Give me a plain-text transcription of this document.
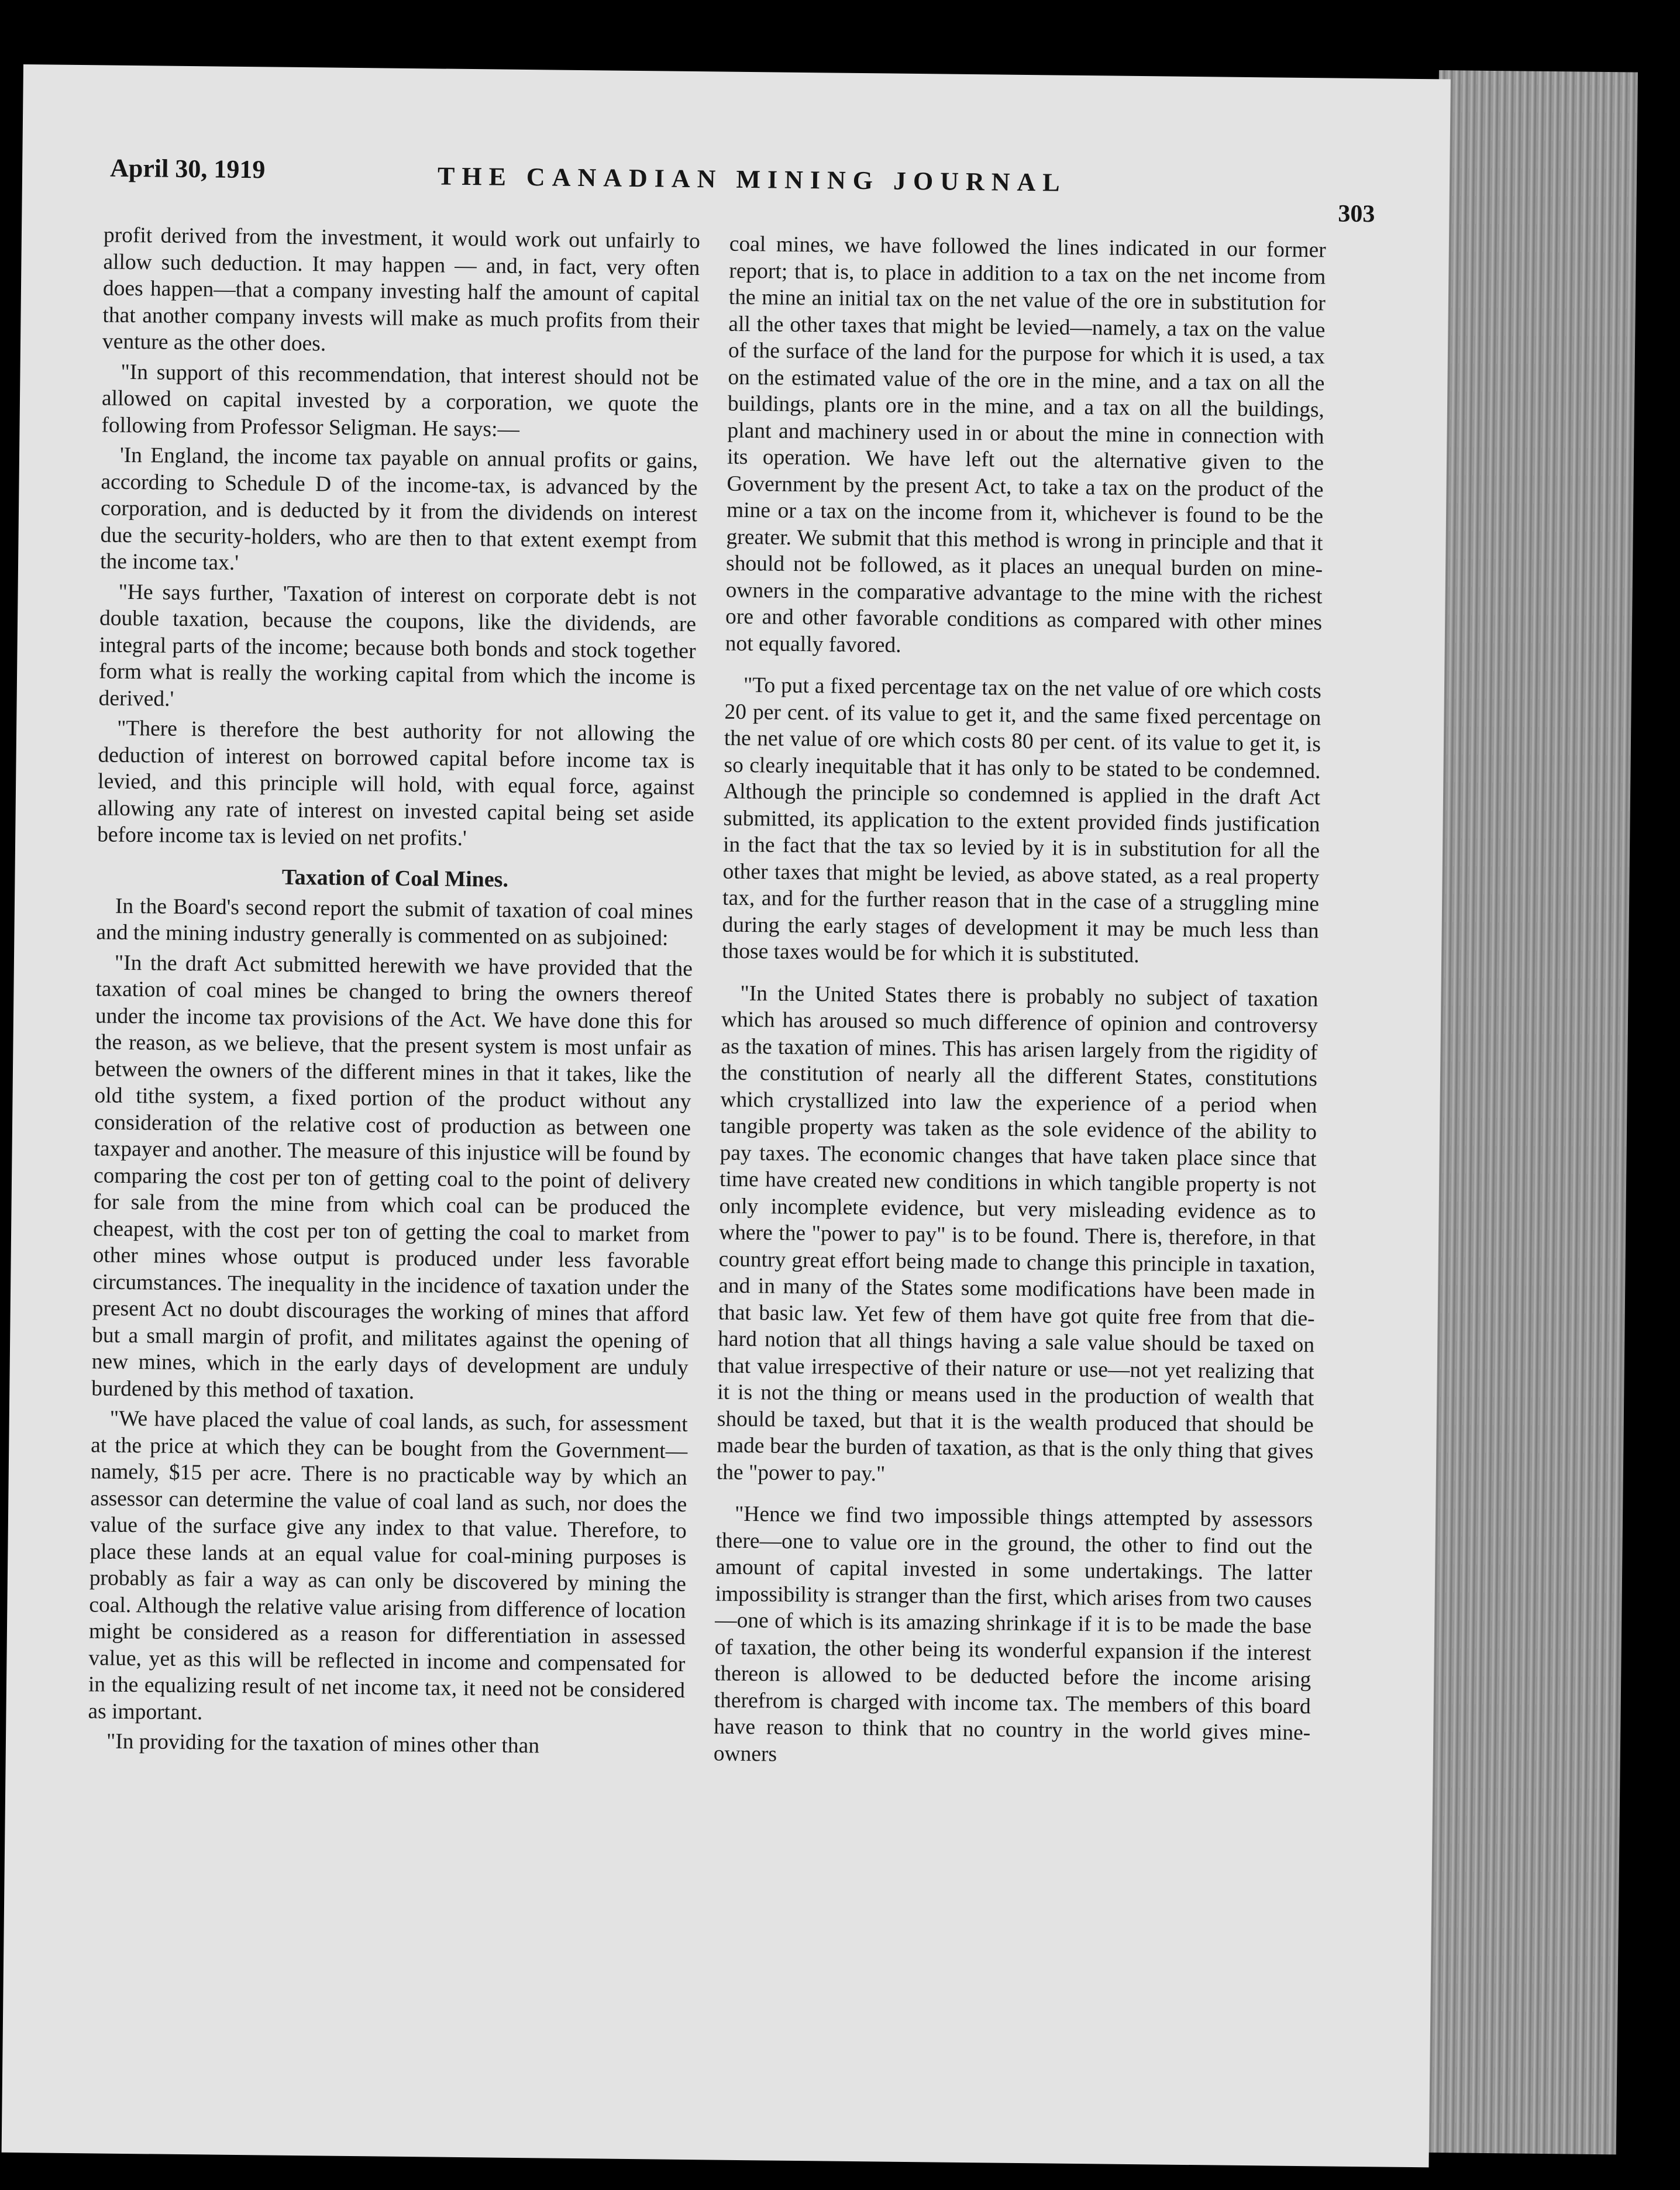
April 30, 1919	THE CANADIAN MINING JOURNAL
303

profit derived from the investment, it would work out unfairly to allow such deduction. It may happen — and, in fact, very often does happen—that a company investing half the amount of capital that another company invests will make as much profits from their venture as the other does.

"In support of this recommendation, that interest should not be allowed on capital invested by a corporation, we quote the following from Professor Seligman. He says:—

'In England, the income tax payable on annual profits or gains, according to Schedule D of the income-tax, is advanced by the corporation, and is deducted by it from the dividends on interest due the security-holders, who are then to that extent exempt from the income tax.'

"He says further, 'Taxation of interest on corporate debt is not double taxation, because the coupons, like the dividends, are integral parts of the income; because both bonds and stock together form what is really the working capital from which the income is derived.'

"There is therefore the best authority for not allowing the deduction of interest on borrowed capital before income tax is levied, and this principle will hold, with equal force, against allowing any rate of interest on invested capital being set aside before income tax is levied on net profits.'

Taxation of Coal Mines.

In the Board's second report the submit of taxation of coal mines and the mining industry generally is commented on as subjoined:

"In the draft Act submitted herewith we have provided that the taxation of coal mines be changed to bring the owners thereof under the income tax provisions of the Act. We have done this for the reason, as we believe, that the present system is most unfair as between the owners of the different mines in that it takes, like the old tithe system, a fixed portion of the product without any consideration of the relative cost of production as between one taxpayer and another. The measure of this injustice will be found by comparing the cost per ton of getting coal to the point of delivery for sale from the mine from which coal can be produced the cheapest, with the cost per ton of getting the coal to market from other mines whose output is produced under less favorable circumstances. The inequality in the incidence of taxation under the present Act no doubt discourages the working of mines that afford but a small margin of profit, and militates against the opening of new mines, which in the early days of development are unduly burdened by this method of taxation.

"We have placed the value of coal lands, as such, for assessment at the price at which they can be bought from the Government—namely, $15 per acre. There is no practicable way by which an assessor can determine the value of coal land as such, nor does the value of the surface give any index to that value. Therefore, to place these lands at an equal value for coal-mining purposes is probably as fair a way as can only be discovered by mining the coal. Although the relative value arising from difference of location might be considered as a reason for differentiation in assessed value, yet as this will be reflected in income and compensated for in the equalizing result of net income tax, it need not be considered as important.

"In providing for the taxation of mines other than

coal mines, we have followed the lines indicated in our former report; that is, to place in addition to a tax on the net income from the mine an initial tax on the net value of the ore in substitution for all the other taxes that might be levied—namely, a tax on the value of the surface of the land for the purpose for which it is used, a tax on the estimated value of the ore in the mine, and a tax on all the buildings, plants ore in the mine, and a tax on all the buildings, plant and machinery used in or about the mine in connection with its operation. We have left out the alternative given to the Government by the present Act, to take a tax on the product of the mine or a tax on the income from it, whichever is found to be the greater. We submit that this method is wrong in principle and that it should not be followed, as it places an unequal burden on mine-owners in the comparative advantage to the mine with the richest ore and other favorable conditions as compared with other mines not equally favored.

"To put a fixed percentage tax on the net value of ore which costs 20 per cent. of its value to get it, and the same fixed percentage on the net value of ore which costs 80 per cent. of its value to get it, is so clearly inequitable that it has only to be stated to be condemned. Although the principle so condemned is applied in the draft Act submitted, its application to the extent provided finds justification in the fact that the tax so levied by it is in substitution for all the other taxes that might be levied, as above stated, as a real property tax, and for the further reason that in the case of a struggling mine during the early stages of development it may be much less than those taxes would be for which it is substituted.

"In the United States there is probably no subject of taxation which has aroused so much difference of opinion and controversy as the taxation of mines. This has arisen largely from the rigidity of the constitution of nearly all the different States, constitutions which crystallized into law the experience of a period when tangible property was taken as the sole evidence of the ability to pay taxes. The economic changes that have taken place since that time have created new conditions in which tangible property is not only incomplete evidence, but very misleading evidence as to where the "power to pay" is to be found. There is, therefore, in that country great effort being made to change this principle in taxation, and in many of the States some modifications have been made in that basic law. Yet few of them have got quite free from that die-hard notion that all things having a sale value should be taxed on that value irrespective of their nature or use—not yet realizing that it is not the thing or means used in the production of wealth that should be taxed, but that it is the wealth produced that should be made bear the burden of taxation, as that is the only thing that gives the "power to pay."

"Hence we find two impossible things attempted by assessors there—one to value ore in the ground, the other to find out the amount of capital invested in some undertakings. The latter impossibility is stranger than the first, which arises from two causes—one of which is its amazing shrinkage if it is to be made the base of taxation, the other being its wonderful expansion if the interest thereon is allowed to be deducted before the income arising therefrom is charged with income tax. The members of this board have reason to think that no country in the world gives mine-owners
